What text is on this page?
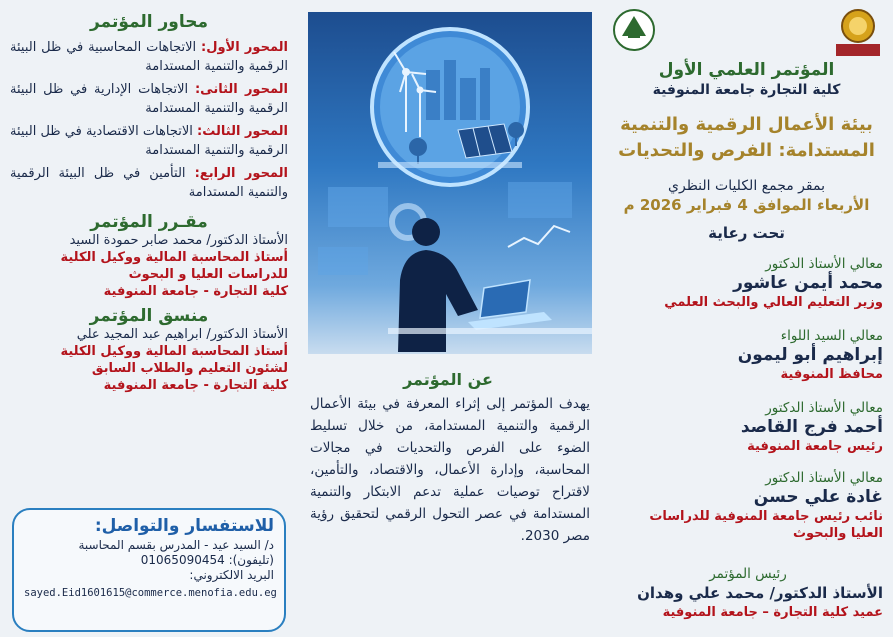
محاور المؤتمر
المحور الأول: الاتجاهات المحاسبية في ظل البيئة الرقمية والتنمية المستدامة
المحور الثانى: الاتجاهات الإدارية في ظل البيئة الرقمية والتنمية المستدامة
المحور الثالث: الاتجاهات الاقتصادية في ظل البيئة الرقمية والتنمية المستدامة
المحور الرابع: التأمين في ظل البيئة الرقمية والتنمية المستدامة
مقـرر المؤتمر
الأستاذ الدكتور/ محمد صابر حمودة السيد
أستاذ المحاسبة المالية ووكيل الكلية
للدراسات العليا و البحوث
كلية التجارة - جامعة المنوفية
منسق المؤتمر
الأستاذ الدكتور/ ابراهيم عبد المجيد علي
أستاذ المحاسبة المالية ووكيل الكلية
لشئون التعليم والطلاب السابق
كلية التجارة - جامعة المنوفية
للاستفسار والتواصل:
د/ السيد عيد - المدرس بقسم المحاسبة
(تليفون): 01065090454
البريد الالكتروني:
sayed.Eid1601615@commerce.menofia.edu.eg
عن المؤتمر
يهدف المؤتمر إلى إثراء المعرفة في بيئة الأعمال الرقمية والتنمية المستدامة، من خلال تسليط الضوء على الفرص والتحديات في مجالات المحاسبة، وإدارة الأعمال، والاقتصاد، والتأمين، لاقتراح توصيات عملية تدعم الابتكار والتنمية المستدامة في عصر التحول الرقمي لتحقيق رؤية مصر 2030.
المؤتمر العلمي الأول
كلية التجارة جامعة المنوفية
بيئة الأعمال الرقمية والتنمية
المستدامة: الفرص والتحديات
بمقر مجمع الكليات النظري
الأربعاء الموافق 4 فبراير 2026 م
تحت رعاية
معالي الأستاذ الدكتور
محمد أيمن عاشور
وزير التعليم العالي والبحث العلمي
معالي السيد اللواء
إبراهيم أبو ليمون
محافظ المنوفية
معالي الأستاذ الدكتور
أحمد فرج القاصد
رئيس جامعة المنوفية
معالي الأستاذ الدكتور
غادة علي حسن
نائب رئيس جامعة المنوفية للدراسات العليا والبحوث
رئيس المؤتمر
الأستاذ الدكتور/ محمد علي وهدان
عميد كلية التجارة – جامعة المنوفية
